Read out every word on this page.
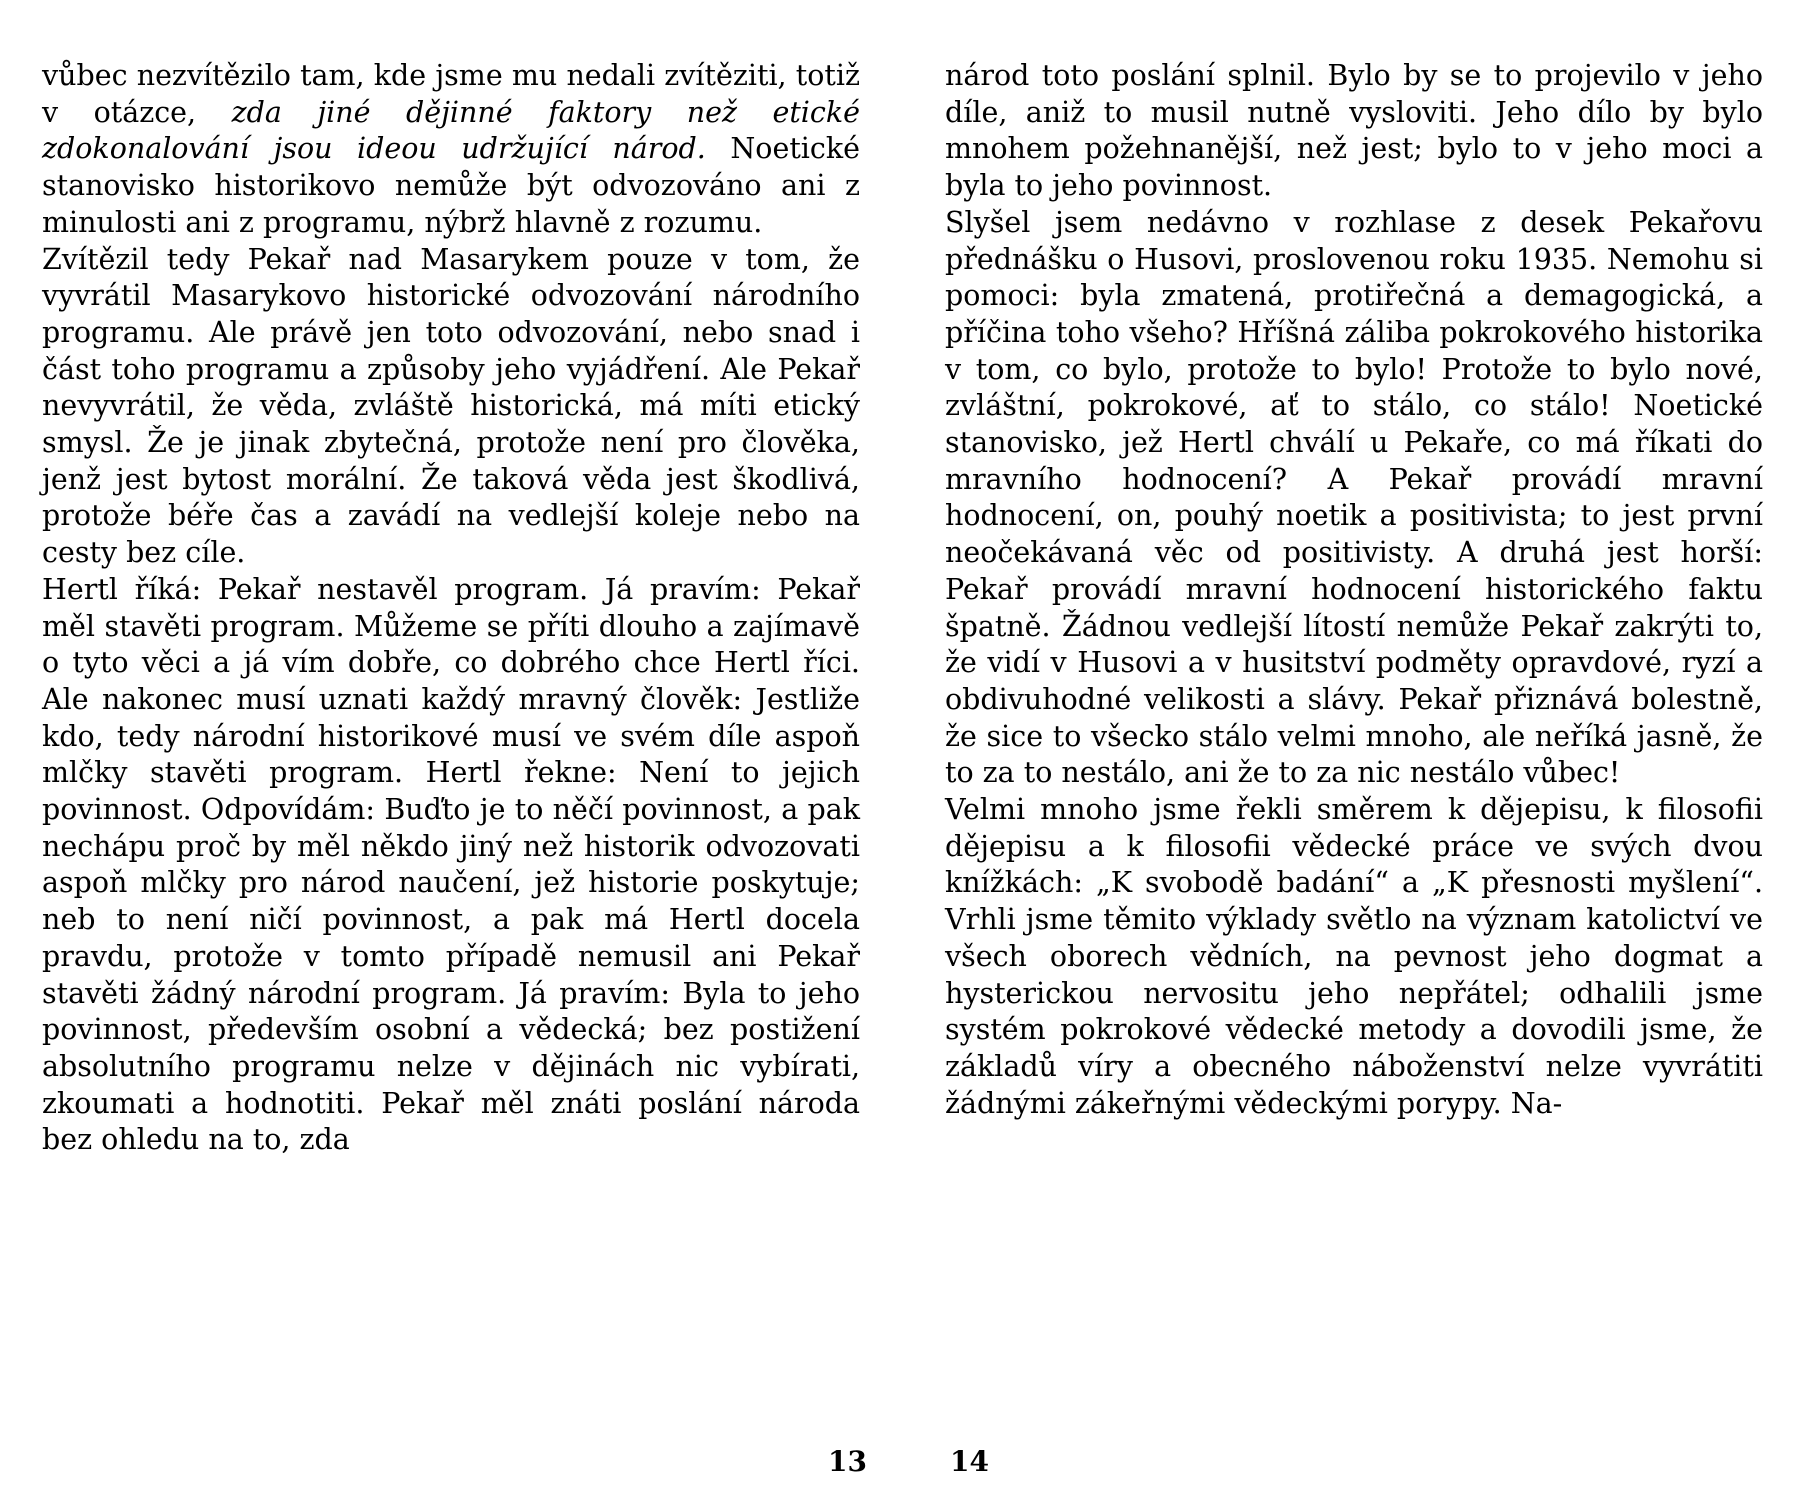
vůbec nezvítězilo tam, kde jsme mu nedali zvítěziti, totiž v otázce, zda jiné dějinné faktory než etické zdokonalování jsou ideou udržující národ. Noetické stanovisko historikovo nemůže být odvozováno ani z minulosti ani z programu, nýbrž hlavně z rozumu.

Zvítězil tedy Pekař nad Masarykem pouze v tom, že vyvrátil Masarykovo historické odvozování národního programu. Ale právě jen toto odvozování, nebo snad i část toho programu a způsoby jeho vyjádření. Ale Pekař nevyvrátil, že věda, zvláště historická, má míti etický smysl. Že je jinak zbytečná, protože není pro člověka, jenž jest bytost morální. Že taková věda jest škodlivá, protože béře čas a zavádí na vedlejší koleje nebo na cesty bez cíle.

Hertl říká: Pekař nestavěl program. Já pravím: Pekař měl stavěti program. Můžeme se příti dlouho a zajímavě o tyto věci a já vím dobře, co dobrého chce Hertl říci. Ale nakonec musí uznati každý mravný člověk: Jestliže kdo, tedy národní historikové musí ve svém díle aspoň mlčky stavěti program. Hertl řekne: Není to jejich povinnost. Odpovídám: Buďto je to něčí povinnost, a pak nechápu proč by měl někdo jiný než historik odvozovati aspoň mlčky pro národ naučení, jež historie poskytuje; neb to není ničí povinnost, a pak má Hertl docela pravdu, protože v tomto případě nemusil ani Pekař stavěti žádný národní program. Já pravím: Byla to jeho povinnost, především osobní a vědecká; bez postižení absolutního programu nelze v dějinách nic vybírati, zkoumati a hodnotiti. Pekař měl znáti poslání národa bez ohledu na to, zda

národ toto poslání splnil. Bylo by se to projevilo v jeho díle, aniž to musil nutně vysloviti. Jeho dílo by bylo mnohem požehnanější, než jest; bylo to v jeho moci a byla to jeho povinnost.

Slyšel jsem nedávno v rozhlase z desek Pekařovu přednášku o Husovi, proslovenou roku 1935. Nemohu si pomoci: byla zmatená, protiřečná a demagogická, a příčina toho všeho? Hříšná záliba pokrokového historika v tom, co bylo, protože to bylo! Protože to bylo nové, zvláštní, pokrokové, ať to stálo, co stálo! Noetické stanovisko, jež Hertl chválí u Pekaře, co má říkati do mravního hodnocení? A Pekař provádí mravní hodnocení, on, pouhý noetik a positivista; to jest první neočekávaná věc od positivisty. A druhá jest horší: Pekař provádí mravní hodnocení historického faktu špatně. Žádnou vedlejší lítostí nemůže Pekař zakrýti to, že vidí v Husovi a v husitství podměty opravdové, ryzí a obdivuhodné velikosti a slávy. Pekař přiznává bolestně, že sice to všecko stálo velmi mnoho, ale neříká jasně, že to za to nestálo, ani že to za nic nestálo vůbec!

Velmi mnoho jsme řekli směrem k dějepisu, k filosofii dějepisu a k filosofii vědecké práce ve svých dvou knížkách: „K svobodě badání“ a „K přesnosti myšlení“. Vrhli jsme těmito výklady světlo na význam katolictví ve všech oborech vědních, na pevnost jeho dogmat a hysterickou nervositu jeho nepřátel; odhalili jsme systém pokrokové vědecké metody a dovodili jsme, že základů víry a obecného náboženství nelze vyvrátiti žádnými zákeřnými vědeckými porypy. Na-

13	14
